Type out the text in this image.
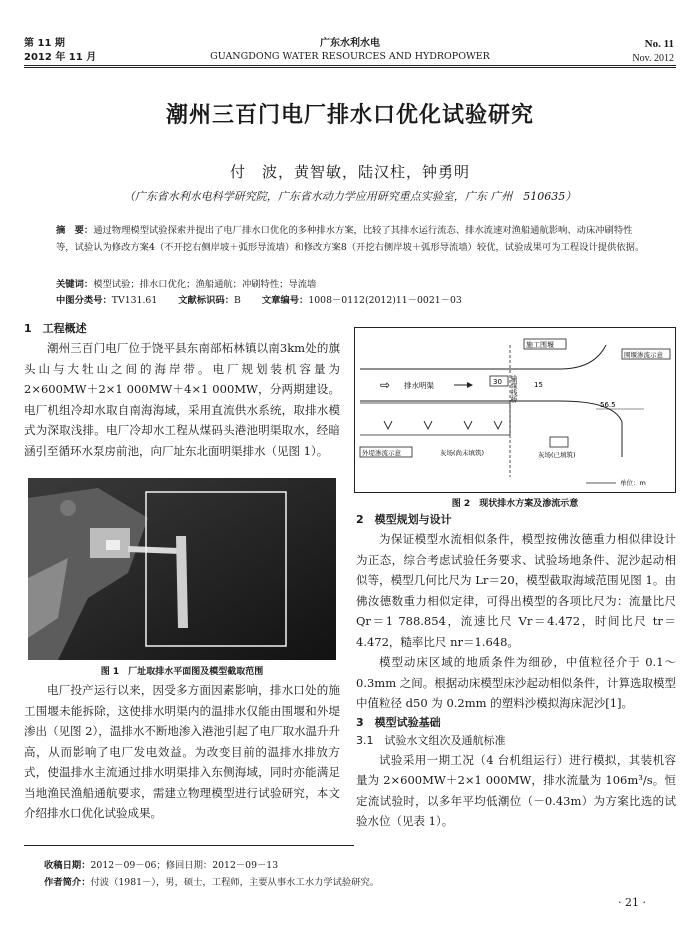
第 11 期
2012 年 11 月
广东水利水电
GUANGDONG WATER RESOURCES AND HYDROPOWER
No. 11
Nov. 2012
潮州三百门电厂排水口优化试验研究
付　波，黄智敏，陆汉柱，钟勇明
（广东省水利水电科学研究院，广东省水动力学应用研究重点实验室，广东 广州　510635）
摘　要：通过物理模型试验探索并提出了电厂排水口优化的多种排水方案，比较了其排水运行流态、排水流速对渔船通航影响、动床冲刷特性等，试验认为修改方案4（不开挖右侧岸坡＋弧形导流墙）和修改方案8（开挖右侧岸坡＋弧形导流墙）较优，试验成果可为工程设计提供依据。
关键词：模型试验；排水口优化；渔船通航；冲刷特性；导流墙
中图分类号：TV131.61 文献标识码：B 文章编号：1008－0112(2012)11－0021－03
1　工程概述

潮州三百门电厂位于饶平县东南部柘林镇以南3km处的旗头山与大牡山之间的海岸带。电厂规划装机容量为 2×600MW＋2×1 000MW＋4×1 000MW，分两期建设。电厂机组冷却水取自南海海域，采用直流供水系统，取排水模式为深取浅排。电厂冷却水工程从煤码头港池明渠取水，经暗涵引至循环水泵房前池，向厂址东北面明渠排水（见图 1）。

图 1　厂址取排水平面图及模型截取范围

电厂投产运行以来，因受多方面因素影响，排水口处的施工围堰未能拆除，这使排水明渠内的温排水仅能由围堰和外堤渗出（见图 2），温排水不断地渗入港池引起了电厂取水温升升高，从而影响了电厂发电效益。为改变目前的温排水排放方式，使温排水主流通过排水明渠排入东侧海域，同时亦能满足当地渔民渔船通航要求，需建立物理模型进行试验研究，本文介绍排水口优化试验成果。

施工围堰
围堰渗流示意
排水明渠
⇨	30	15
输煤栈桥
56.5
外堤渗流示意	灰场(尚未填筑)	灰场(已填筑)
单位：m
图 2　现状排水方案及渗流示意
2　模型规划与设计

为保证模型水流相似条件，模型按佛汝德重力相似律设计为正态，综合考虑试验任务要求、试验场地条件、泥沙起动相似等，模型几何比尺为 Lr＝20，模型截取海域范围见图 1。由佛汝德数重力相似定律，可得出模型的各项比尺为：流量比尺 Qr＝1 788.854，流速比尺 Vr＝4.472，时间比尺 tr＝4.472，糙率比尺 nr＝1.648。

模型动床区域的地质条件为细砂，中值粒径介于 0.1～0.3mm 之间。根据动床模型床沙起动相似条件，计算选取模型中值粒径 d50 为 0.2mm 的塑料沙模拟海床泥沙[1]。

3　模型试验基础
3.1　试验水文组次及通航标准

试验采用一期工况（4 台机组运行）进行模拟，其装机容量为 2×600MW＋2×1 000MW，排水流量为 106m³/s。恒定流试验时，以多年平均低潮位（－0.43m）为方案比选的试验水位（见表 1）。

收稿日期：2012－09－06；修回日期：2012－09－13
作者简介：付波（1981－），男，硕士，工程师，主要从事水工水力学试验研究。
· 21 ·
